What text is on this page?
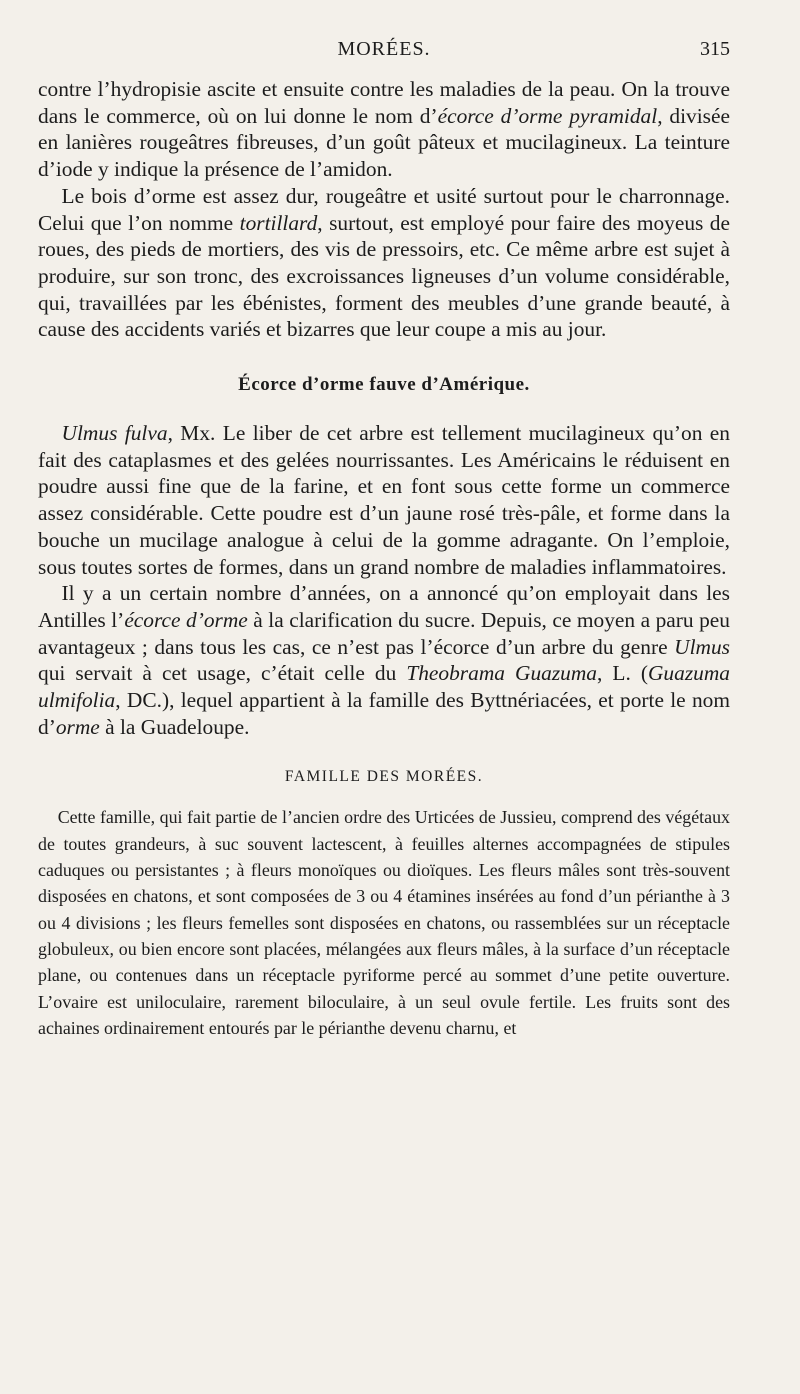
MORÉES.	315

contre l’hydropisie ascite et ensuite contre les maladies de la peau. On la trouve dans le commerce, où on lui donne le nom d’écorce d’orme pyramidal, divisée en lanières rougeâtres fibreuses, d’un goût pâteux et mucilagineux. La teinture d’iode y indique la présence de l’amidon.

Le bois d’orme est assez dur, rougeâtre et usité surtout pour le charronnage. Celui que l’on nomme tortillard, surtout, est employé pour faire des moyeus de roues, des pieds de mortiers, des vis de pressoirs, etc. Ce même arbre est sujet à produire, sur son tronc, des excroissances ligneuses d’un volume considérable, qui, travaillées par les ébénistes, forment des meubles d’une grande beauté, à cause des accidents variés et bizarres que leur coupe a mis au jour.

Écorce d’orme fauve d’Amérique.

Ulmus fulva, Mx. Le liber de cet arbre est tellement mucilagineux qu’on en fait des cataplasmes et des gelées nourrissantes. Les Américains le réduisent en poudre aussi fine que de la farine, et en font sous cette forme un commerce assez considérable. Cette poudre est d’un jaune rosé très-pâle, et forme dans la bouche un mucilage analogue à celui de la gomme adragante. On l’emploie, sous toutes sortes de formes, dans un grand nombre de maladies inflammatoires.

Il y a un certain nombre d’années, on a annoncé qu’on employait dans les Antilles l’écorce d’orme à la clarification du sucre. Depuis, ce moyen a paru peu avantageux ; dans tous les cas, ce n’est pas l’écorce d’un arbre du genre Ulmus qui servait à cet usage, c’était celle du Theobrama Guazuma, L. (Guazuma ulmifolia, DC.), lequel appartient à la famille des Byttnériacées, et porte le nom d’orme à la Guadeloupe.

FAMILLE DES MORÉES.

Cette famille, qui fait partie de l’ancien ordre des Urticées de Jussieu, comprend des végétaux de toutes grandeurs, à suc souvent lactescent, à feuilles alternes accompagnées de stipules caduques ou persistantes ; à fleurs monoïques ou dioïques. Les fleurs mâles sont très-souvent disposées en chatons, et sont composées de 3 ou 4 étamines insérées au fond d’un périanthe à 3 ou 4 divisions ; les fleurs femelles sont disposées en chatons, ou rassemblées sur un réceptacle globuleux, ou bien encore sont placées, mélangées aux fleurs mâles, à la surface d’un réceptacle plane, ou contenues dans un réceptacle pyriforme percé au sommet d’une petite ouverture. L’ovaire est uniloculaire, rarement biloculaire, à un seul ovule fertile. Les fruits sont des achaines ordinairement entourés par le périanthe devenu charnu, et
